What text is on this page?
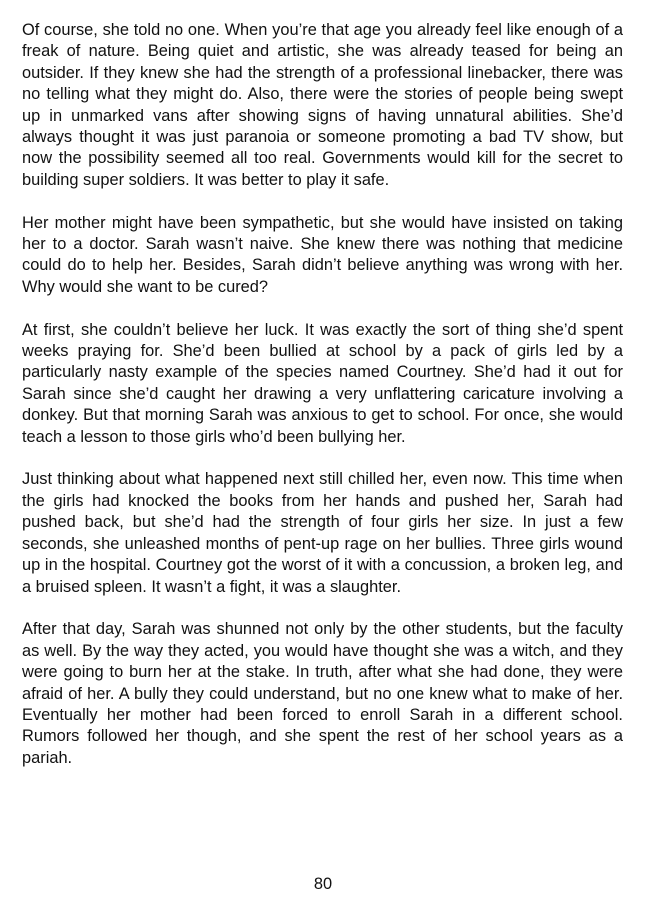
Of course, she told no one. When you’re that age you already feel like enough of a freak of nature. Being quiet and artistic, she was already teased for being an outsider. If they knew she had the strength of a professional linebacker, there was no telling what they might do. Also, there were the stories of people being swept up in unmarked vans after showing signs of having unnatural abilities. She’d always thought it was just paranoia or someone promoting a bad TV show, but now the possibility seemed all too real. Governments would kill for the secret to building super soldiers. It was better to play it safe.

Her mother might have been sympathetic, but she would have insisted on taking her to a doctor. Sarah wasn’t naive. She knew there was nothing that medicine could do to help her. Besides, Sarah didn’t believe anything was wrong with her. Why would she want to be cured?

At first, she couldn’t believe her luck. It was exactly the sort of thing she’d spent weeks praying for. She’d been bullied at school by a pack of girls led by a particularly nasty example of the species named Courtney. She’d had it out for Sarah since she’d caught her drawing a very unflattering caricature involving a donkey. But that morning Sarah was anxious to get to school. For once, she would teach a lesson to those girls who’d been bullying her.

Just thinking about what happened next still chilled her, even now. This time when the girls had knocked the books from her hands and pushed her, Sarah had pushed back, but she’d had the strength of four girls her size. In just a few seconds, she unleashed months of pent-up rage on her bullies. Three girls wound up in the hospital. Courtney got the worst of it with a concussion, a broken leg, and a bruised spleen. It wasn’t a fight, it was a slaughter.

After that day, Sarah was shunned not only by the other students, but the faculty as well. By the way they acted, you would have thought she was a witch, and they were going to burn her at the stake. In truth, after what she had done, they were afraid of her. A bully they could understand, but no one knew what to make of her. Eventually her mother had been forced to enroll Sarah in a different school. Rumors followed her though, and she spent the rest of her school years as a pariah.

80
